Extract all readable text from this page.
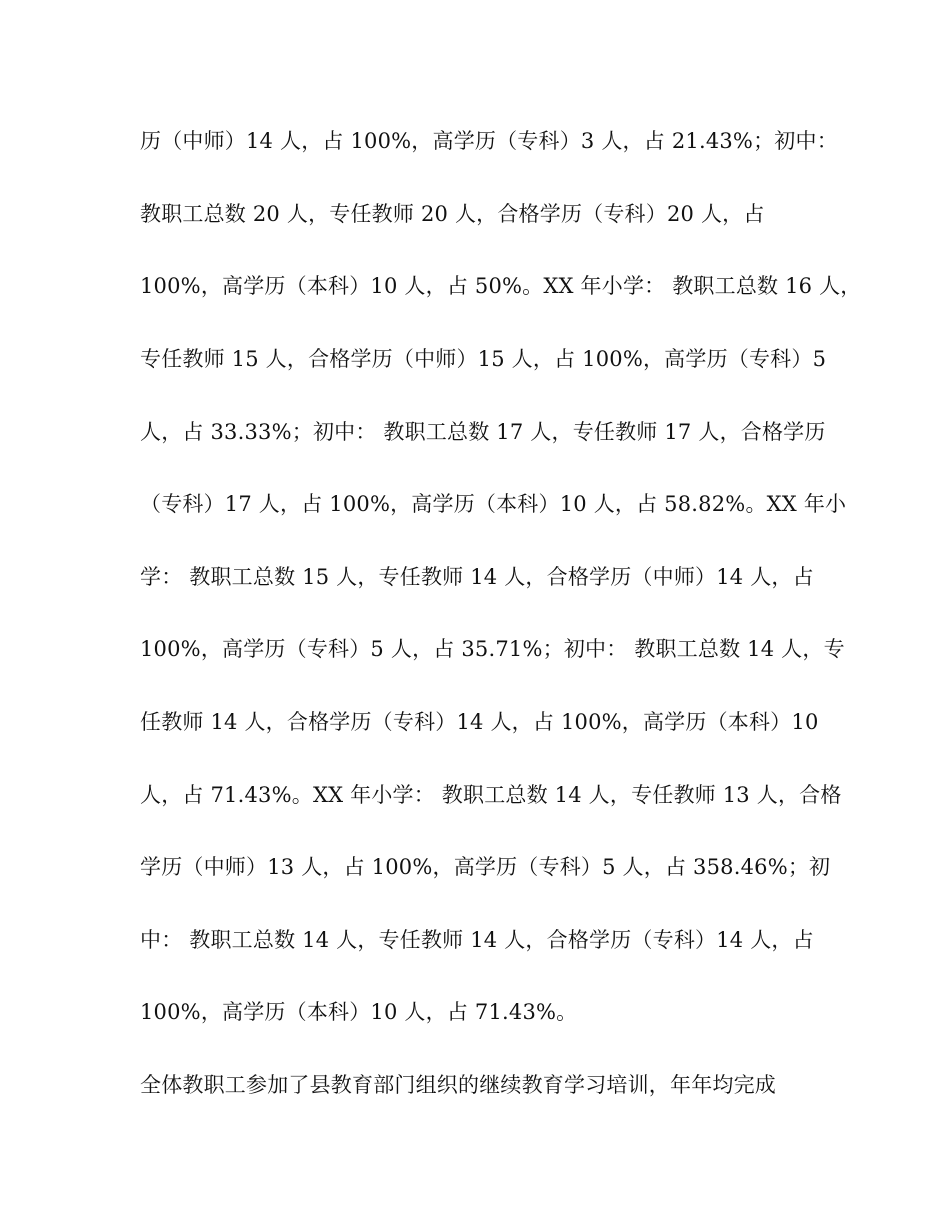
历（中师）14 人，占 100%，高学历（专科）3 人，占 21.43%；初中：
教职工总数 20 人，专任教师 20 人，合格学历（专科）20 人，占
100%，高学历（本科）10 人，占 50%。XX 年小学： 教职工总数 16 人，
专任教师 15 人，合格学历（中师）15 人，占 100%，高学历（专科）5
人，占 33.33%；初中： 教职工总数 17 人，专任教师 17 人，合格学历
（专科）17 人，占 100%，高学历（本科）10 人，占 58.82%。XX 年小
学： 教职工总数 15 人，专任教师 14 人，合格学历（中师）14 人，占
100%，高学历（专科）5 人，占 35.71%；初中： 教职工总数 14 人，专
任教师 14 人，合格学历（专科）14 人，占 100%，高学历（本科）10
人，占 71.43%。XX 年小学： 教职工总数 14 人，专任教师 13 人，合格
学历（中师）13 人，占 100%，高学历（专科）5 人，占 358.46%；初
中： 教职工总数 14 人，专任教师 14 人，合格学历（专科）14 人，占
100%，高学历（本科）10 人，占 71.43%。
全体教职工参加了县教育部门组织的继续教育学习培训，年年均完成
